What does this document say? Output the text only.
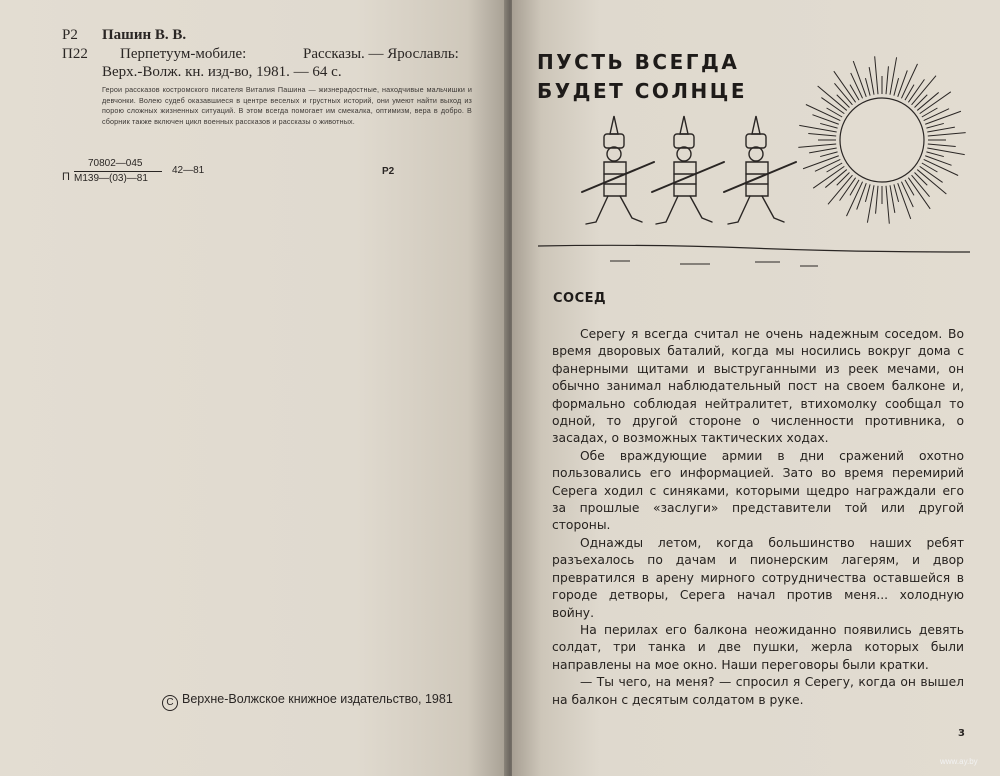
Р2 Пашин В. В.
П22 Перпетуум-мобиле:	Рассказы. — Ярославль:
Верх.-Волж. кн. изд-во, 1981. — 64 с.
Герои рассказов костромского писателя Виталия Пашина — жизнерадостные, находчивые мальчишки и девчонки. Волею судеб оказавшиеся в центре веселых и грустных историй, они умеют найти выход из порою сложных жизненных ситуаций. В этом всегда помогает им смекалка, оптимизм, вера в добро. В сборник также включен цикл военных рассказов и рассказы о животных.
П
70802—045
М139—(03)—81
42—81	Р2
С Верхне-Волжское книжное издательство, 1981
ПУСТЬ ВСЕГДА
БУДЕТ СОЛНЦЕ
СОСЕД

Серегу я всегда считал не очень надежным соседом. Во время дворовых баталий, когда мы носились вокруг дома с фанерными щитами и выструганными из реек мечами, он обычно занимал наблюдательный пост на своем балконе и, формально соблюдая нейтралитет, втихомолку сообщал то одной, то другой стороне о численности противника, о засадах, о возможных тактических ходах.

Обе враждующие армии в дни сражений охотно пользовались его информацией. Зато во время перемирий Серега ходил с синяками, которыми щедро награждали его за прошлые «заслуги» представители той или другой стороны.

Однажды летом, когда большинство наших ребят разъехалось по дачам и пионерским лагерям, и двор превратился в арену мирного сотрудничества оставшейся в городе детворы, Серега начал против меня... холодную войну.

На перилах его балкона неожиданно появились девять солдат, три танка и две пушки, жерла которых были направлены на мое окно. Наши переговоры были кратки.

— Ты чего, на меня? — спросил я Серегу, когда он вышел на балкон с десятым солдатом в руке.

3
www.ay.by
